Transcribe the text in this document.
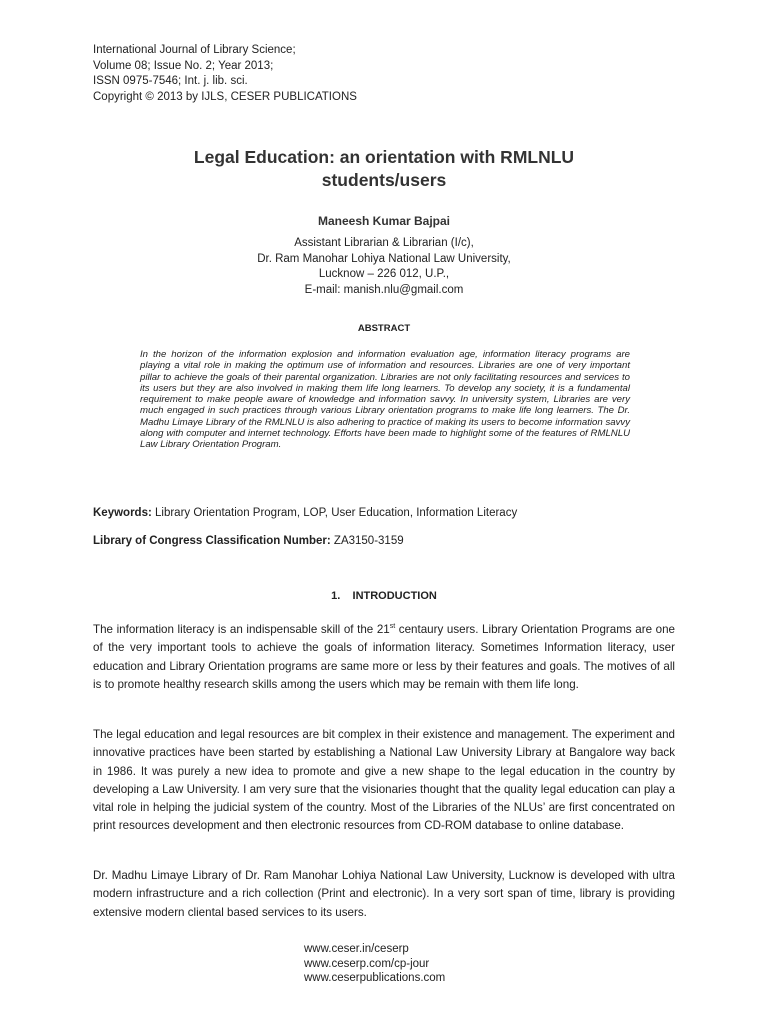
International Journal of Library Science;
Volume 08; Issue No. 2; Year 2013;
ISSN 0975-7546; Int. j. lib. sci.
Copyright © 2013 by IJLS, CESER PUBLICATIONS
Legal Education: an orientation with RMLNLU
students/users
Maneesh Kumar Bajpai
Assistant Librarian & Librarian (I/c),
Dr. Ram Manohar Lohiya National Law University,
Lucknow – 226 012, U.P.,
E-mail: manish.nlu@gmail.com
ABSTRACT
In the horizon of the information explosion and information evaluation age, information literacy programs are playing a vital role in making the optimum use of information and resources. Libraries are one of very important pillar to achieve the goals of their parental organization. Libraries are not only facilitating resources and services to its users but they are also involved in making them life long learners. To develop any society, it is a fundamental requirement to make people aware of knowledge and information savvy. In university system, Libraries are very much engaged in such practices through various Library orientation programs to make life long learners. The Dr. Madhu Limaye Library of the RMLNLU is also adhering to practice of making its users to become information savvy along with computer and internet technology. Efforts have been made to highlight some of the features of RMLNLU Law Library Orientation Program.
Keywords: Library Orientation Program, LOP, User Education, Information Literacy
Library of Congress Classification Number: ZA3150-3159
1.    INTRODUCTION
The information literacy is an indispensable skill of the 21st centaury users. Library Orientation Programs are one of the very important tools to achieve the goals of information literacy. Sometimes Information literacy, user education and Library Orientation programs are same more or less by their features and goals. The motives of all is to promote healthy research skills among the users which may be remain with them life long.
The legal education and legal resources are bit complex in their existence and management. The experiment and innovative practices have been started by establishing a National Law University Library at Bangalore way back in 1986. It was purely a new idea to promote and give a new shape to the legal education in the country by developing a Law University. I am very sure that the visionaries thought that the quality legal education can play a vital role in helping the judicial system of the country. Most of the Libraries of the NLUs’ are first concentrated on print resources development and then electronic resources from CD-ROM database to online database.
Dr. Madhu Limaye Library of Dr. Ram Manohar Lohiya National Law University, Lucknow is developed with ultra modern infrastructure and a rich collection (Print and electronic). In a very sort span of time, library is providing extensive modern cliental based services to its users.
www.ceser.in/ceserp
www.ceserp.com/cp-jour
www.ceserpublications.com
